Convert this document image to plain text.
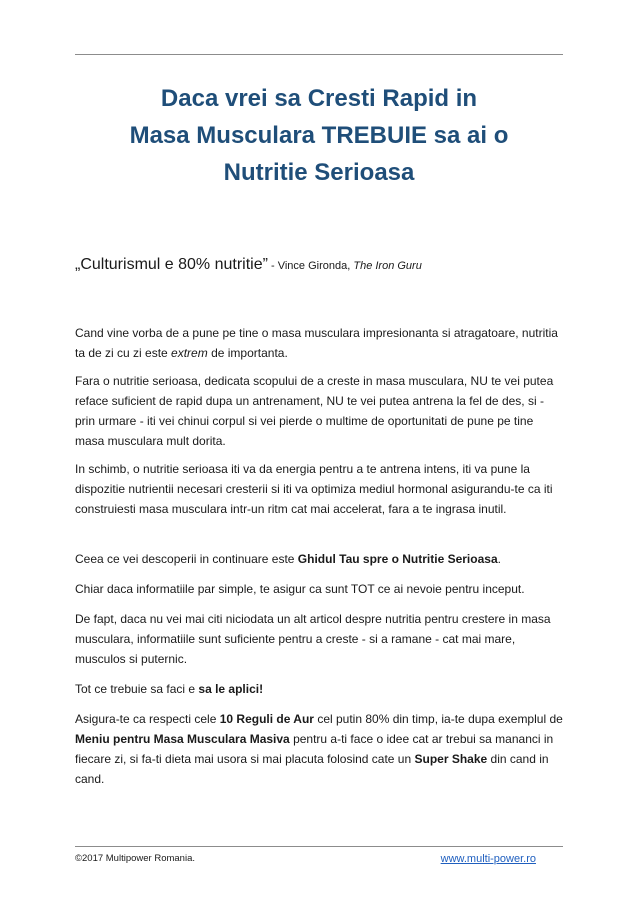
Daca vrei sa Cresti Rapid in
Masa Musculara TREBUIE sa ai o
Nutritie Serioasa
„Culturismul e 80% nutritie” - Vince Gironda, The Iron Guru

Cand vine vorba de a pune pe tine o masa musculara impresionanta si atragatoare, nutritia ta de zi cu zi este extrem de importanta.

Fara o nutritie serioasa, dedicata scopului de a creste in masa musculara, NU te vei putea reface suficient de rapid dupa un antrenament, NU te vei putea antrena la fel de des, si - prin urmare - iti vei chinui corpul si vei pierde o multime de oportunitati de pune pe tine masa musculara mult dorita.

In schimb, o nutritie serioasa iti va da energia pentru a te antrena intens, iti va pune la dispozitie nutrientii necesari cresterii si iti va optimiza mediul hormonal asigurandu-te ca iti construiesti masa musculara intr-un ritm cat mai accelerat, fara a te ingrasa inutil.

Ceea ce vei descoperii in continuare este Ghidul Tau spre o Nutritie Serioasa.

Chiar daca informatiile par simple, te asigur ca sunt TOT ce ai nevoie pentru inceput.

De fapt, daca nu vei mai citi niciodata un alt articol despre nutritia pentru crestere in masa musculara, informatiile sunt suficiente pentru a creste - si a ramane - cat mai mare, musculos si puternic.

Tot ce trebuie sa faci e sa le aplici!

Asigura-te ca respecti cele 10 Reguli de Aur cel putin 80% din timp, ia-te dupa exemplul de Meniu pentru Masa Musculara Masiva pentru a-ti face o idee cat ar trebui sa mananci in fiecare zi, si fa-ti dieta mai usora si mai placuta folosind cate un Super Shake din cand in cand.

©2017 Multipower Romania.	www.multi-power.ro
